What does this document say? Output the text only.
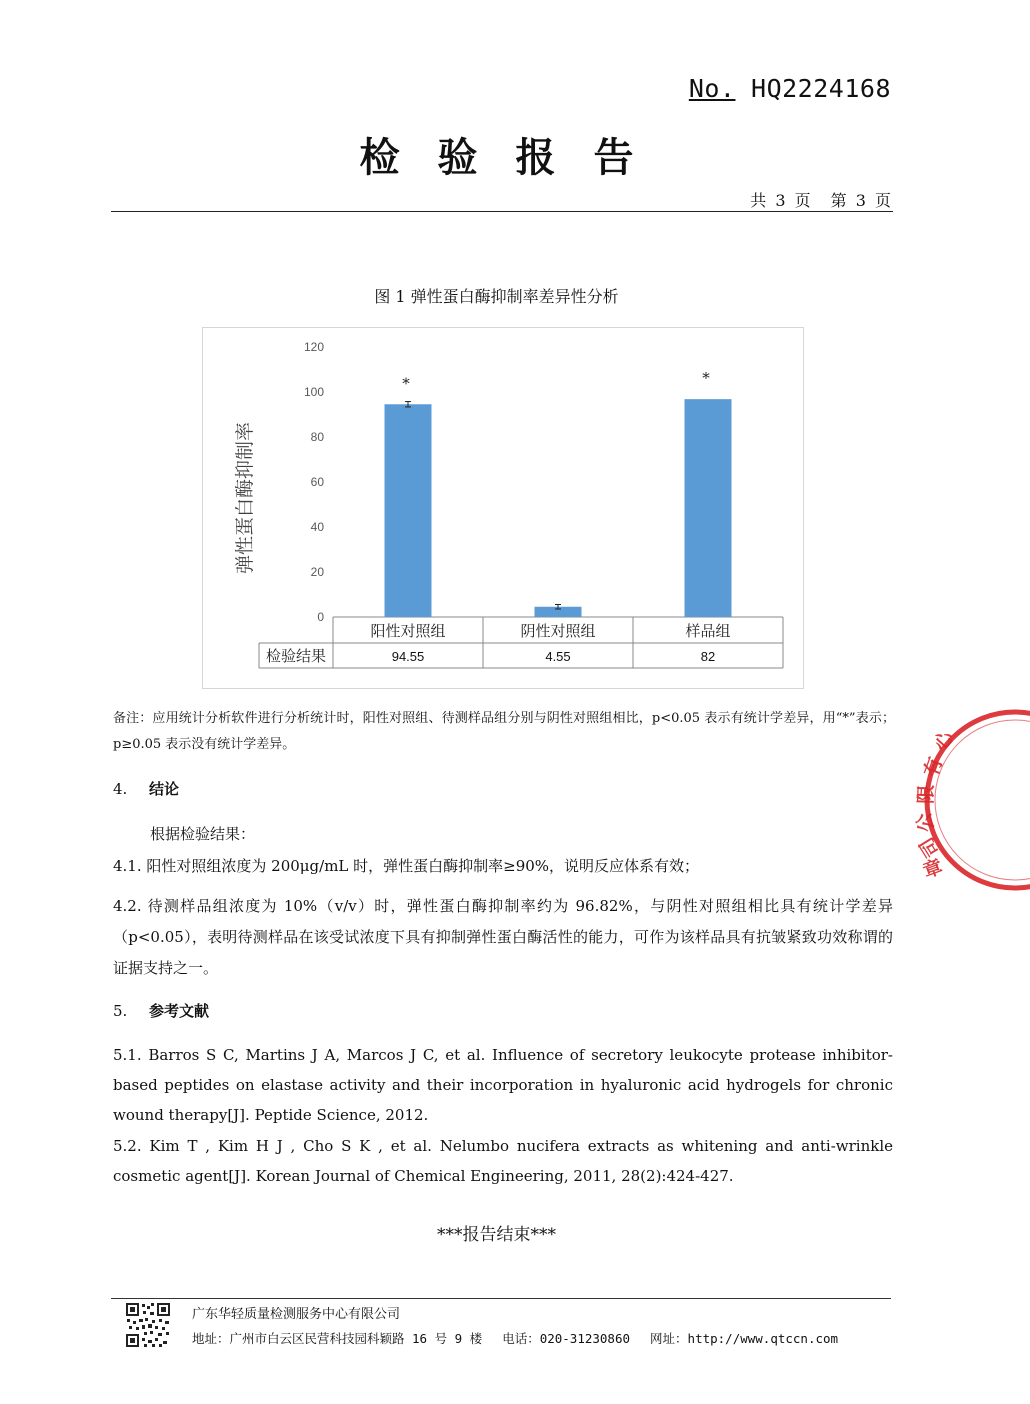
No. HQ2224168
检验报告
共 3 页　第 3 页
图 1 弹性蛋白酶抑制率差异性分析
0
20
40
60
80
100
120
弹性蛋白酶抑制率
检验结果
*
阳性对照组
94.55
阴性对照组
4.55
*
样品组
82
备注：应用统计分析软件进行分析统计时，阳性对照组、待测样品组分别与阴性对照组相比，p<0.05 表示有统计学差异，用“*”表示；p≥0.05 表示没有统计学差异。
4. 结论
根据检验结果：
4.1. 阳性对照组浓度为 200μg/mL 时，弹性蛋白酶抑制率≥90%，说明反应体系有效；
4.2. 待测样品组浓度为 10%（v/v）时，弹性蛋白酶抑制率约为 96.82%，与阴性对照组相比具有统计学差异（p<0.05），表明待测样品在该受试浓度下具有抑制弹性蛋白酶活性的能力，可作为该样品具有抗皱紧致功效称谓的证据支持之一。
5. 参考文献
5.1. Barros S C, Martins J A, Marcos J C, et al. Influence of secretory leukocyte protease inhibitor-based peptides on elastase activity and their incorporation in hyaluronic acid hydrogels for chronic wound therapy[J]. Peptide Science, 2012.
5.2. Kim T , Kim H J , Cho S K , et al. Nelumbo nucifera extracts as whitening and anti-wrinkle cosmetic agent[J]. Korean Journal of Chemical Engineering, 2011, 28(2):424-427.
***报告结束***
广东华轻质量检测服务中心有限公司
地址：广州市白云区民营科技园科颖路 16 号 9 楼　 电话：020-31230860　 网址：http://www.qtccn.com
心
有
限
公
司
章
